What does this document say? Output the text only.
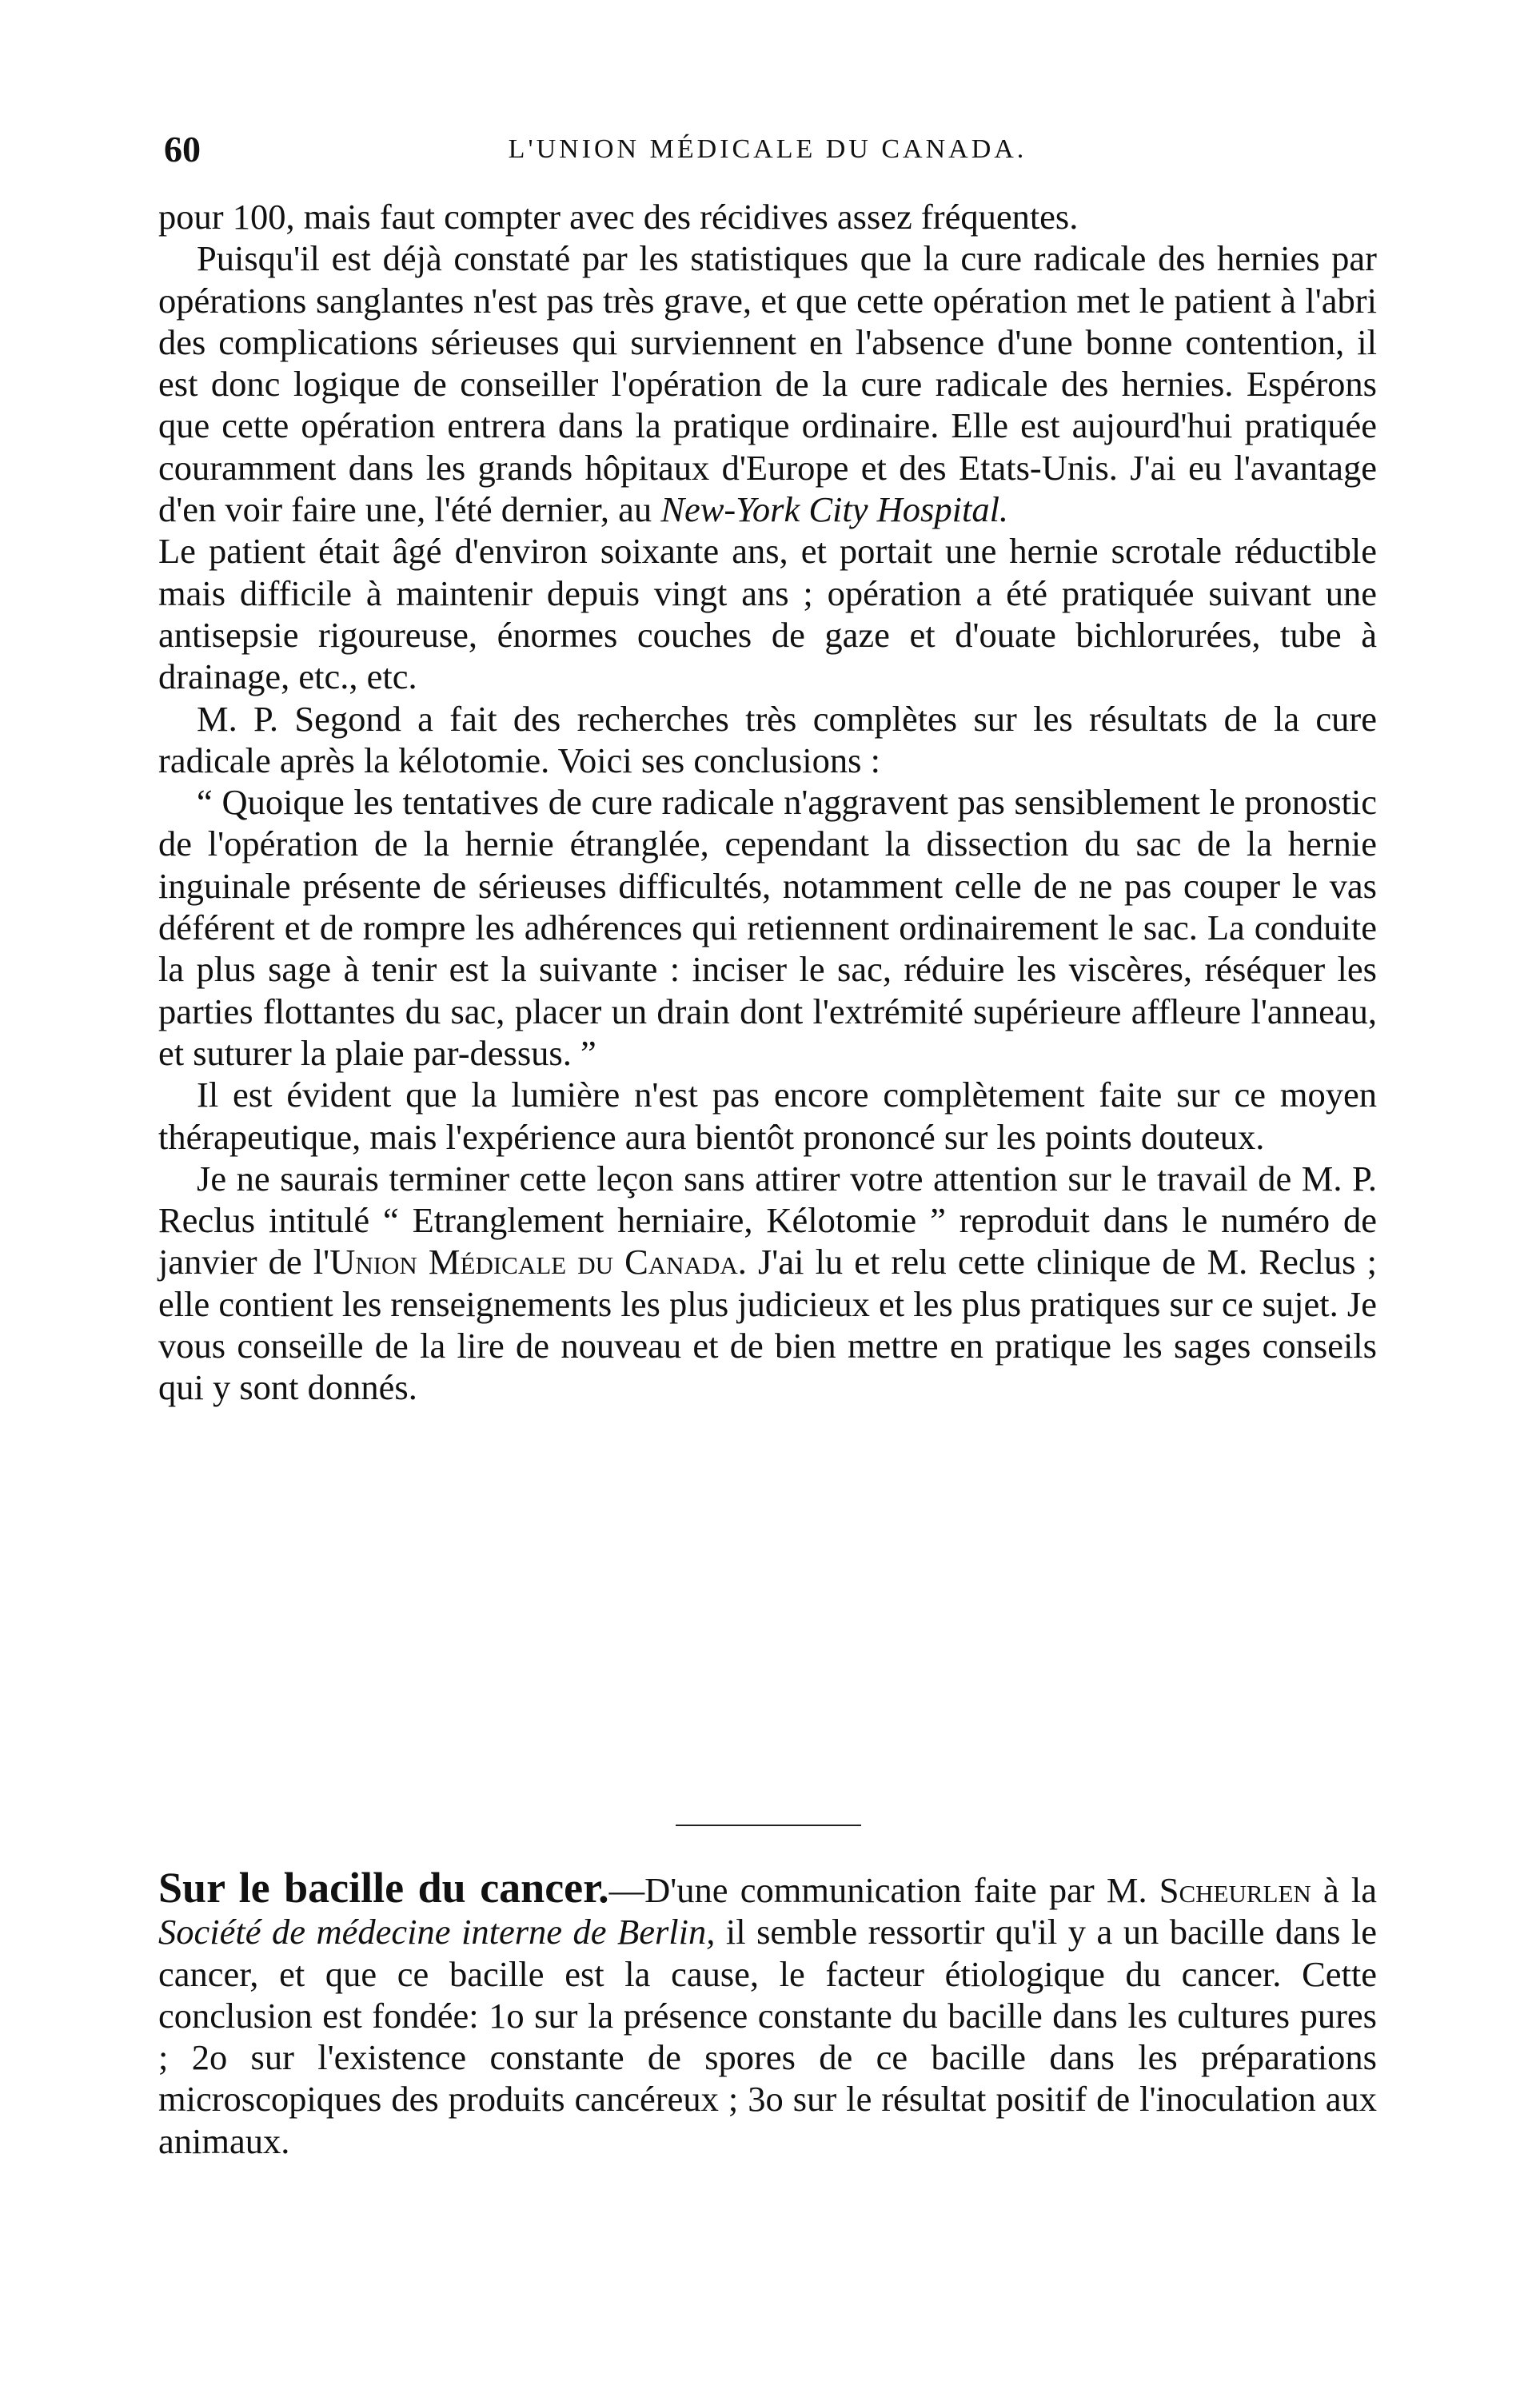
60	L'UNION MÉDICALE DU CANADA.

pour 100, mais faut compter avec des récidives assez fréquentes.

Puisqu'il est déjà constaté par les statistiques que la cure radicale des hernies par opérations sanglantes n'est pas très grave, et que cette opération met le patient à l'abri des complications sérieuses qui surviennent en l'absence d'une bonne contention, il est donc logique de conseiller l'opération de la cure radicale des hernies. Espérons que cette opération entrera dans la pratique ordinaire. Elle est aujourd'hui pratiquée couramment dans les grands hôpitaux d'Europe et des Etats-Unis. J'ai eu l'avantage d'en voir faire une, l'été dernier, au New-York City Hospital.

Le patient était âgé d'environ soixante ans, et portait une hernie scrotale réductible mais difficile à maintenir depuis vingt ans ; opération a été pratiquée suivant une antisepsie rigoureuse, énormes couches de gaze et d'ouate bichlorurées, tube à drainage, etc., etc.

M. P. Segond a fait des recherches très complètes sur les résultats de la cure radicale après la kélotomie. Voici ses conclusions :

“ Quoique les tentatives de cure radicale n'aggravent pas sensiblement le pronostic de l'opération de la hernie étranglée, cependant la dissection du sac de la hernie inguinale présente de sérieuses difficultés, notamment celle de ne pas couper le vas déférent et de rompre les adhérences qui retiennent ordinairement le sac. La conduite la plus sage à tenir est la suivante : inciser le sac, réduire les viscères, réséquer les parties flottantes du sac, placer un drain dont l'extrémité supérieure affleure l'anneau, et suturer la plaie par-dessus. ”

Il est évident que la lumière n'est pas encore complètement faite sur ce moyen thérapeutique, mais l'expérience aura bientôt prononcé sur les points douteux.

Je ne saurais terminer cette leçon sans attirer votre attention sur le travail de M. P. Reclus intitulé “ Etranglement herniaire, Kélotomie ” reproduit dans le numéro de janvier de l'Union Médicale du Canada. J'ai lu et relu cette clinique de M. Reclus ; elle contient les renseignements les plus judicieux et les plus pratiques sur ce sujet. Je vous conseille de la lire de nouveau et de bien mettre en pratique les sages conseils qui y sont donnés.

Sur le bacille du cancer.—D'une communication faite par M. Scheurlen à la Société de médecine interne de Berlin, il semble ressortir qu'il y a un bacille dans le cancer, et que ce bacille est la cause, le facteur étiologique du cancer. Cette conclusion est fondée: 1o sur la présence constante du bacille dans les cultures pures ; 2o sur l'existence constante de spores de ce bacille dans les préparations microscopiques des produits cancéreux ; 3o sur le résultat positif de l'inoculation aux animaux.
